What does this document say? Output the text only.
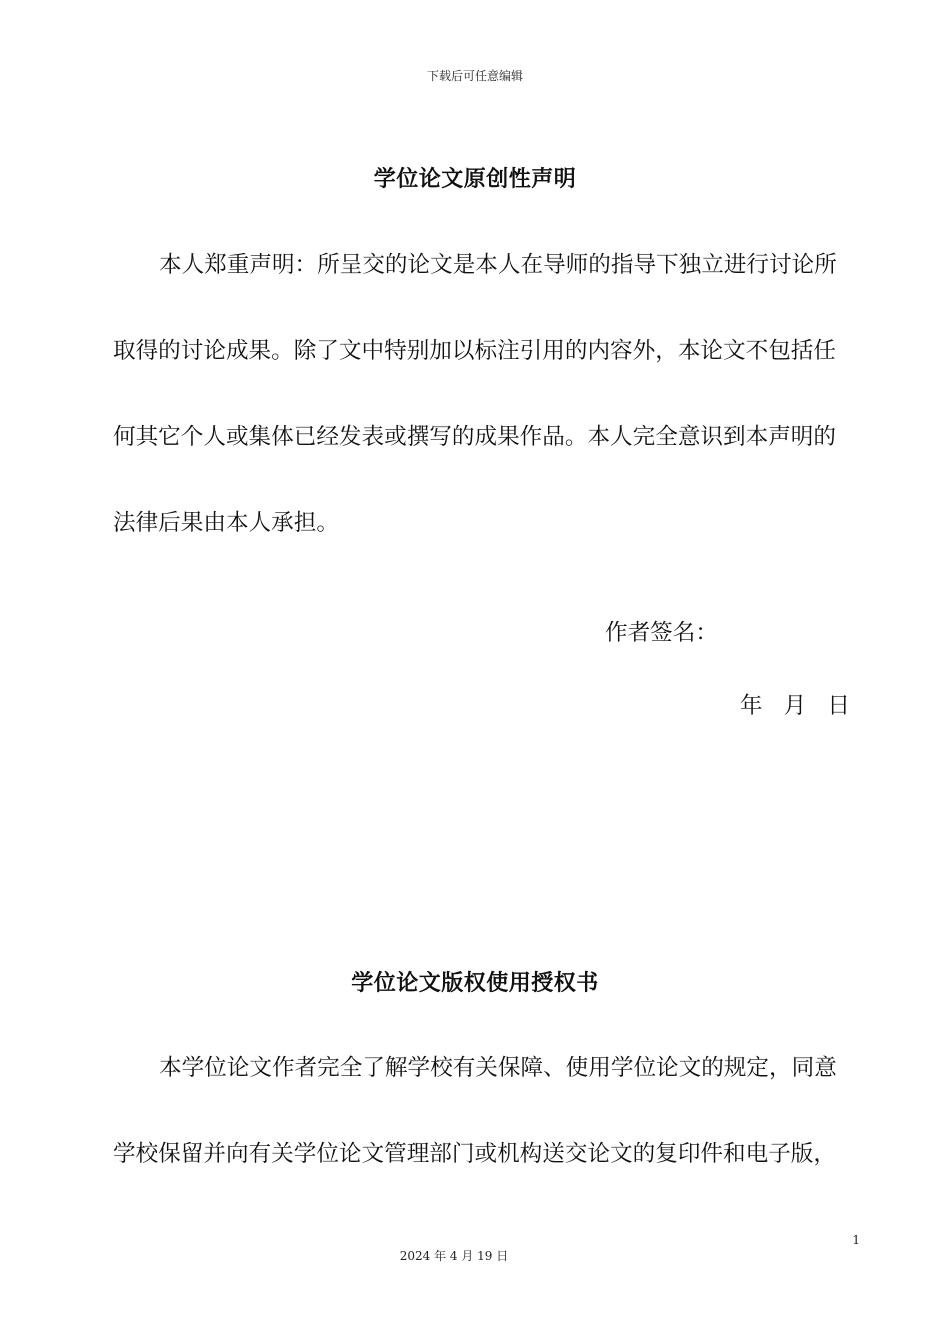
下载后可任意编辑
学位论文原创性声明
本人郑重声明：所呈交的论文是本人在导师的指导下独立进行讨论所
取得的讨论成果。除了文中特别加以标注引用的内容外，本论文不包括任
何其它个人或集体已经发表或撰写的成果作品。本人完全意识到本声明的
法律后果由本人承担。
作者签名：
年 月 日
学位论文版权使用授权书
本学位论文作者完全了解学校有关保障、使用学位论文的规定，同意
学校保留并向有关学位论文管理部门或机构送交论文的复印件和电子版，
1
2024 年 4 月 19 日
